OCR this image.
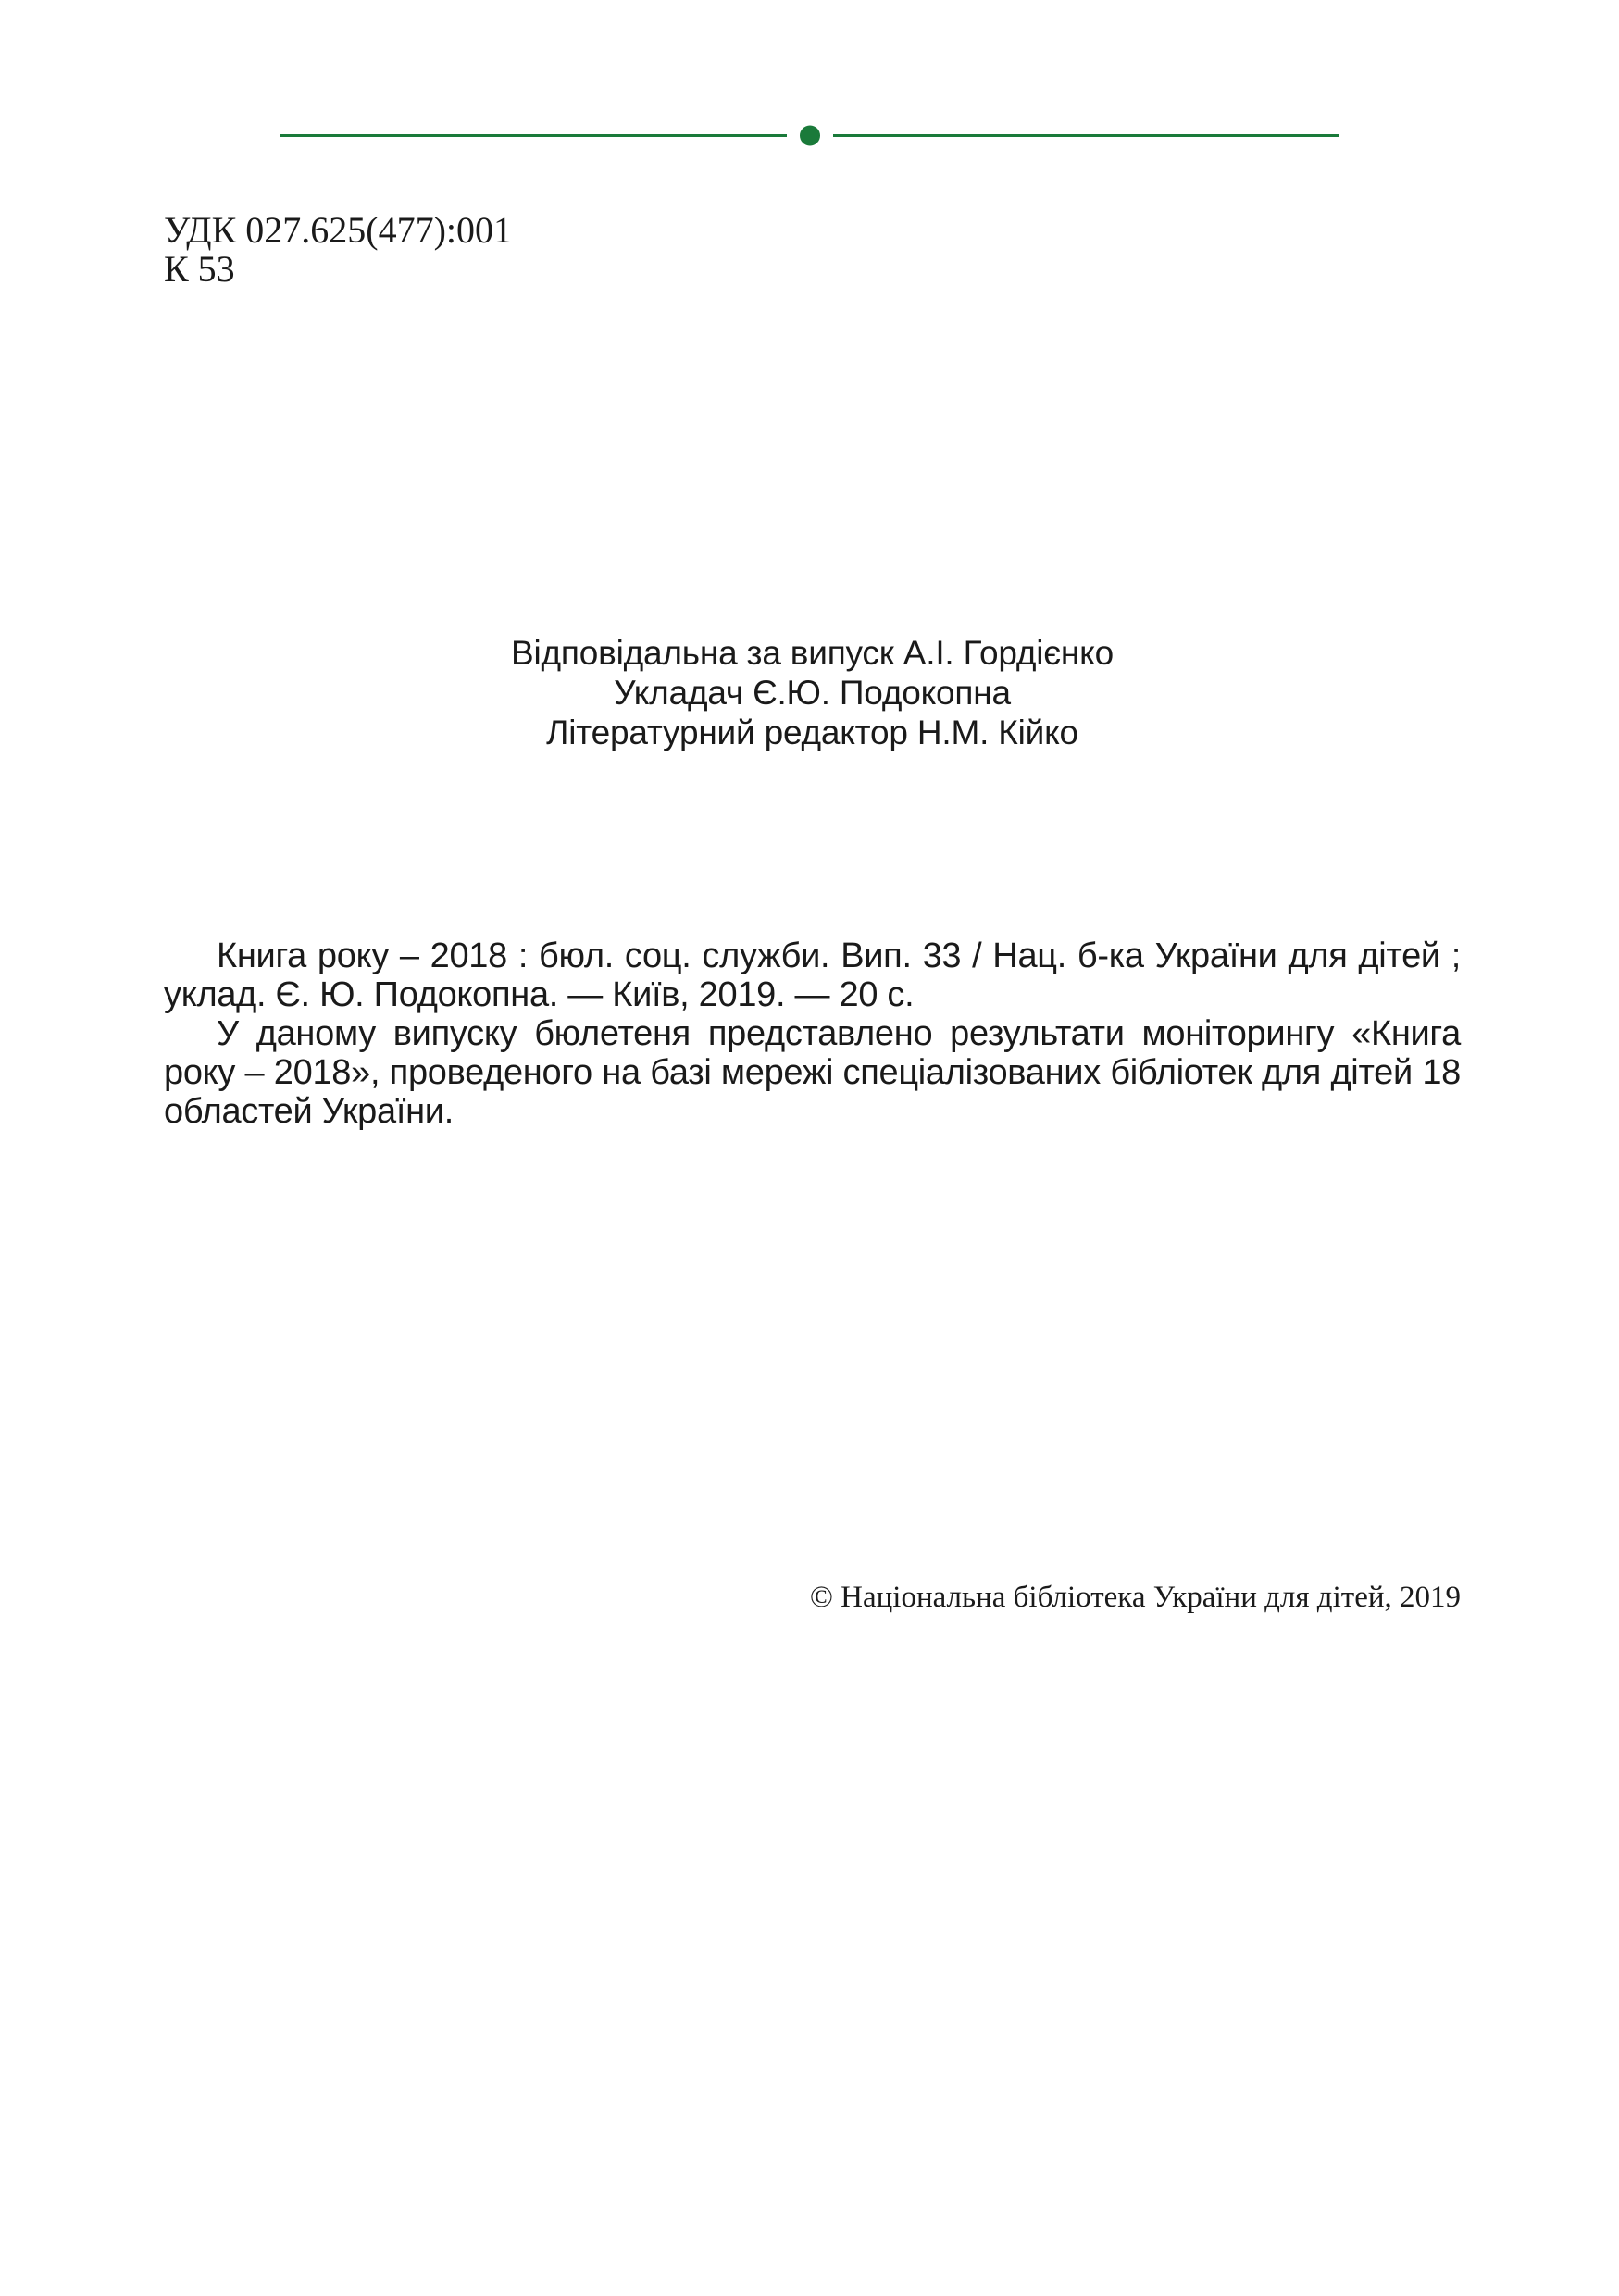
УДК 027.625(477):001
К 53
Відповідальна за випуск А.І. Гордієнко
Укладач Є.Ю. Подокопна
Літературний редактор Н.М. Кійко

Книга року – 2018 : бюл. соц. служби. Вип. 33 / Нац. б-ка України для дітей ; уклад. Є. Ю. Подокопна. — Київ, 2019. — 20 с.

У даному випуску бюлетеня представлено результати моніторингу «Книга року – 2018», проведеного на базі мережі спеціалізованих бібліотек для дітей 18 областей України.

© Національна бібліотека України для дітей, 2019
